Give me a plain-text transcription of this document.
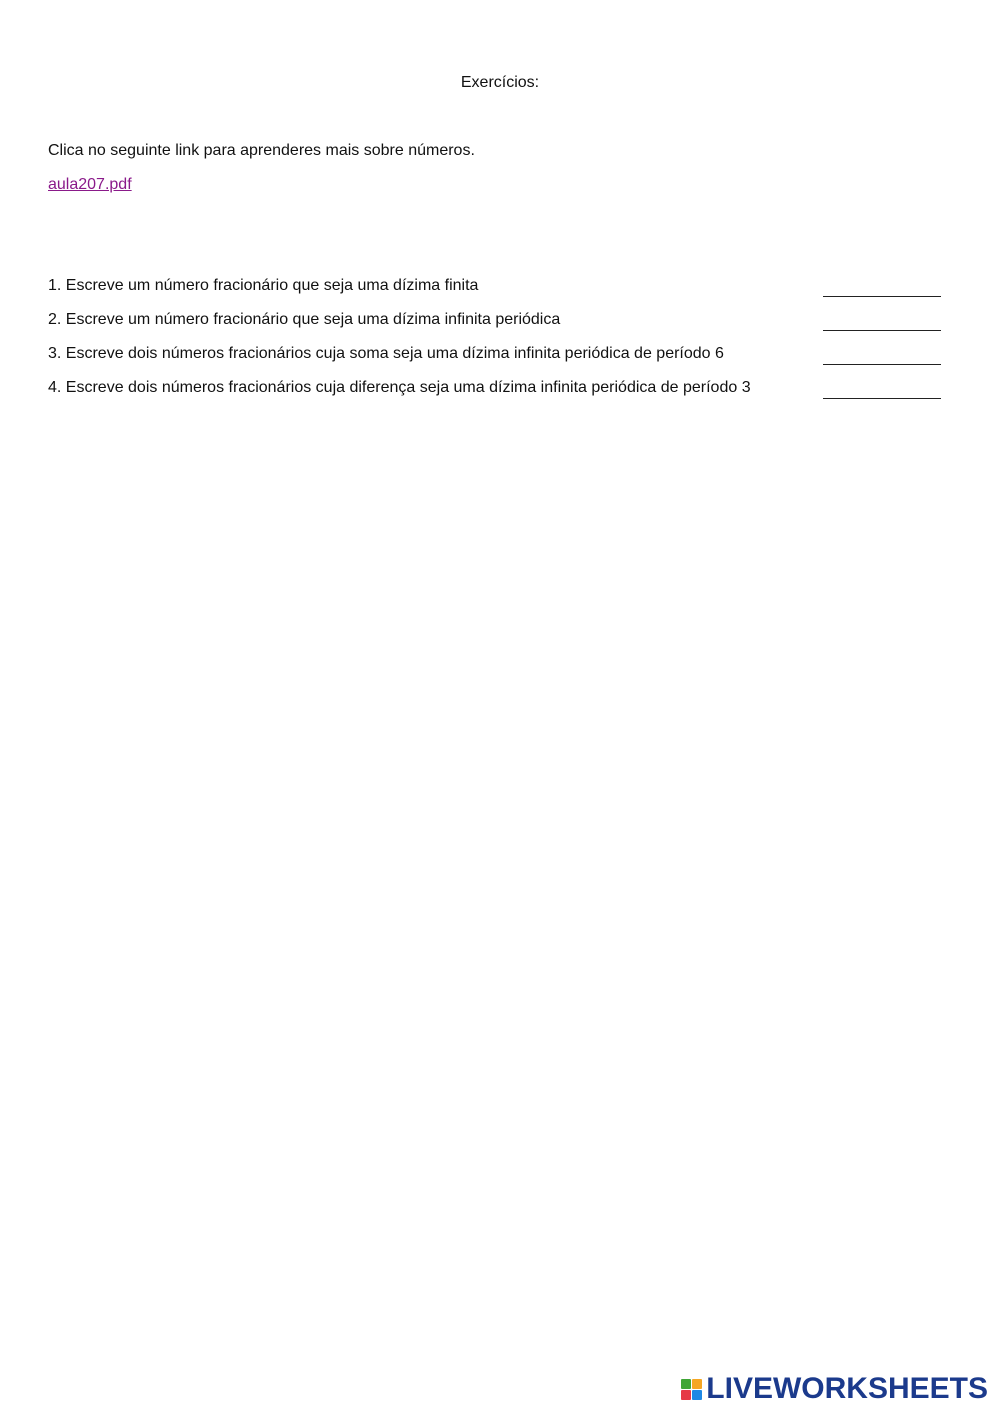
Exercícios:
Clica no seguinte link para aprenderes mais sobre números.
aula207.pdf
1. Escreve um número fracionário que seja uma dízima finita
2. Escreve um número fracionário que seja uma dízima infinita periódica
3. Escreve dois números fracionários cuja soma seja uma dízima infinita periódica de período 6
4. Escreve dois números fracionários cuja diferença seja uma dízima infinita periódica de período 3
LIVEWORKSHEETS
